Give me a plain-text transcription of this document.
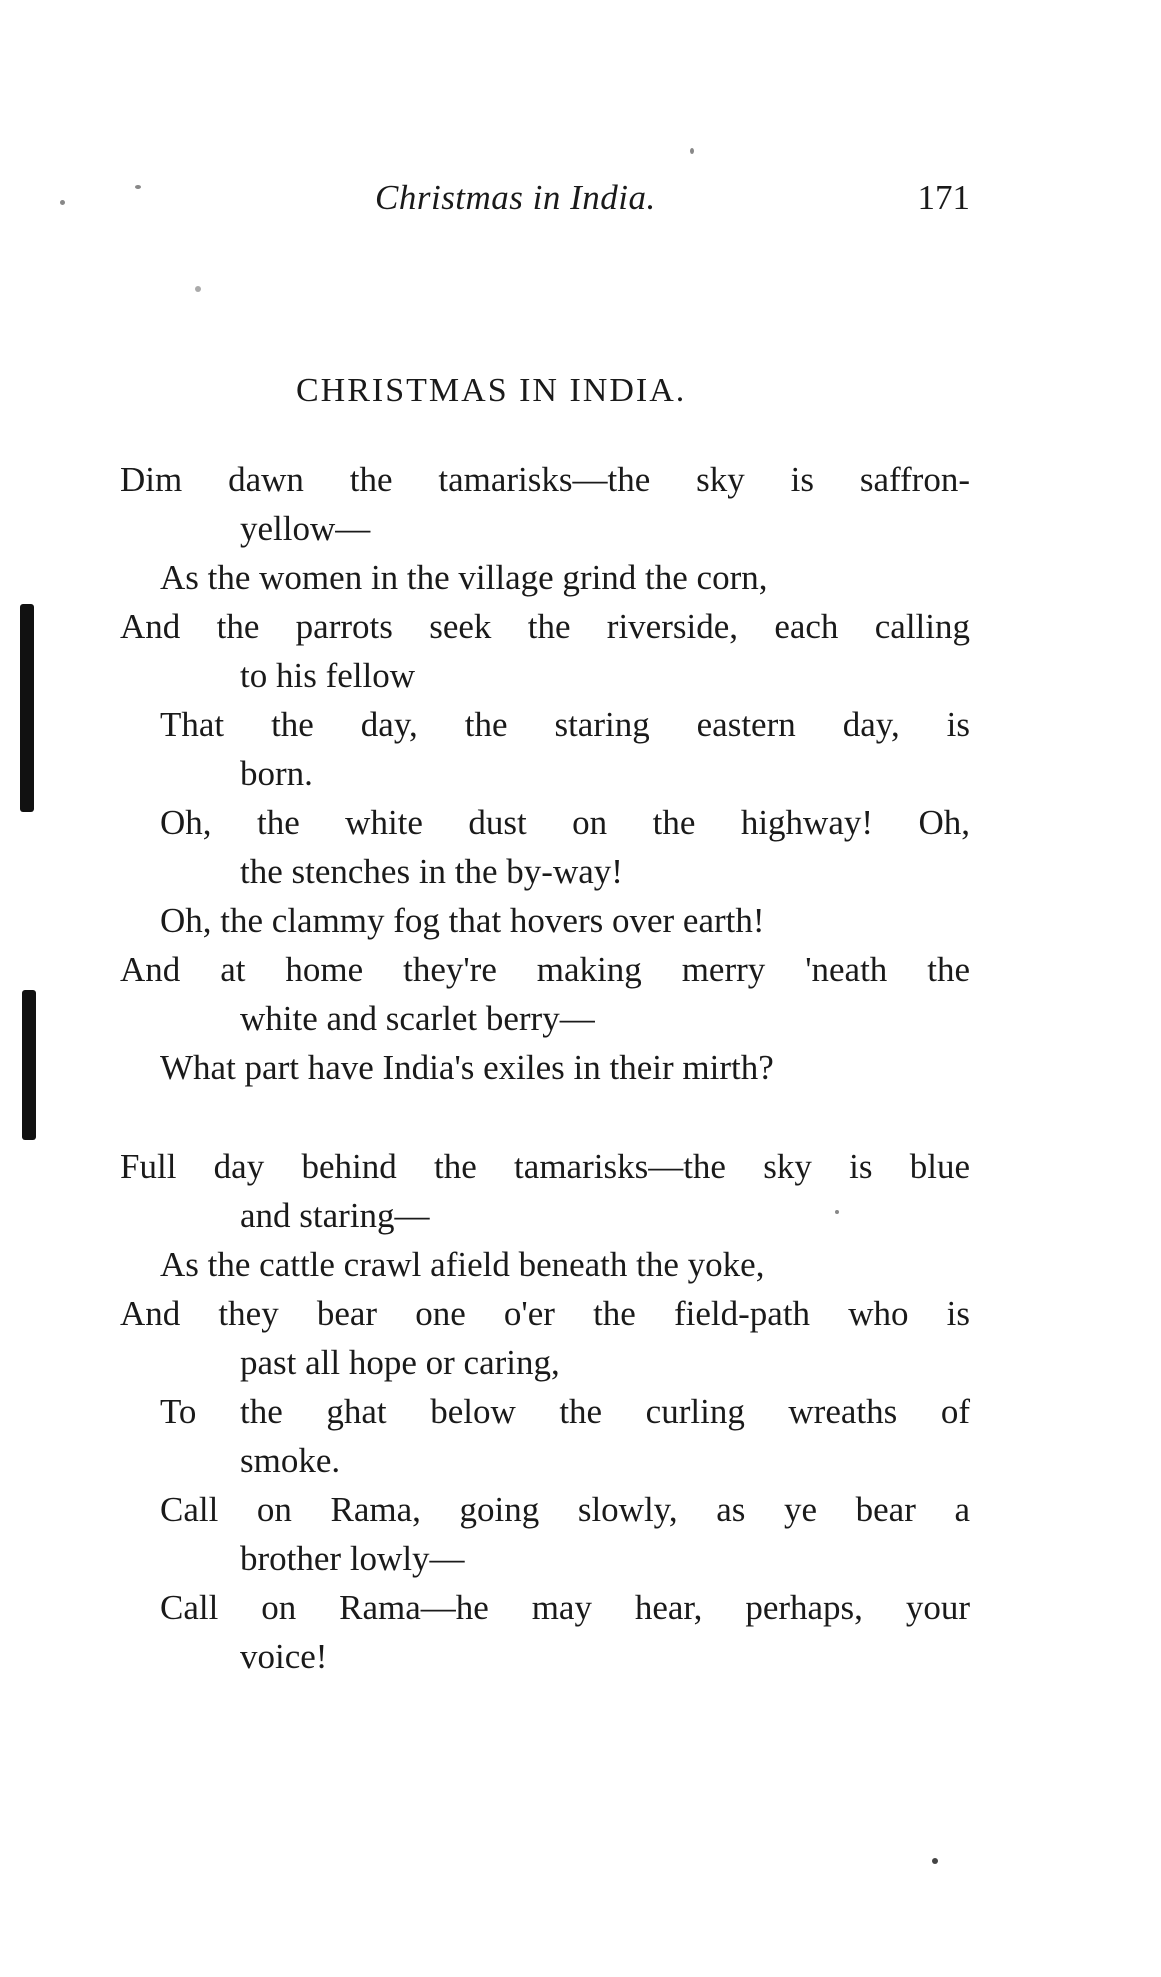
Christmas in India.	171
CHRISTMAS IN INDIA.
Dim dawn the tamarisks—the sky is saffron-
yellow—
As the women in the village grind the corn,
And the parrots seek the riverside, each calling
to his fellow
That the day, the staring eastern day, is
born.
Oh, the white dust on the highway! Oh,
the stenches in the by-way!
Oh, the clammy fog that hovers over earth!
And at home they're making merry 'neath the
white and scarlet berry—
What part have India's exiles in their mirth?
Full day behind the tamarisks—the sky is blue
and staring—
As the cattle crawl afield beneath the yoke,
And they bear one o'er the field-path who is
past all hope or caring,
To the ghat below the curling wreaths of
smoke.
Call on Rama, going slowly, as ye bear a
brother lowly—
Call on Rama—he may hear, perhaps, your
voice!
